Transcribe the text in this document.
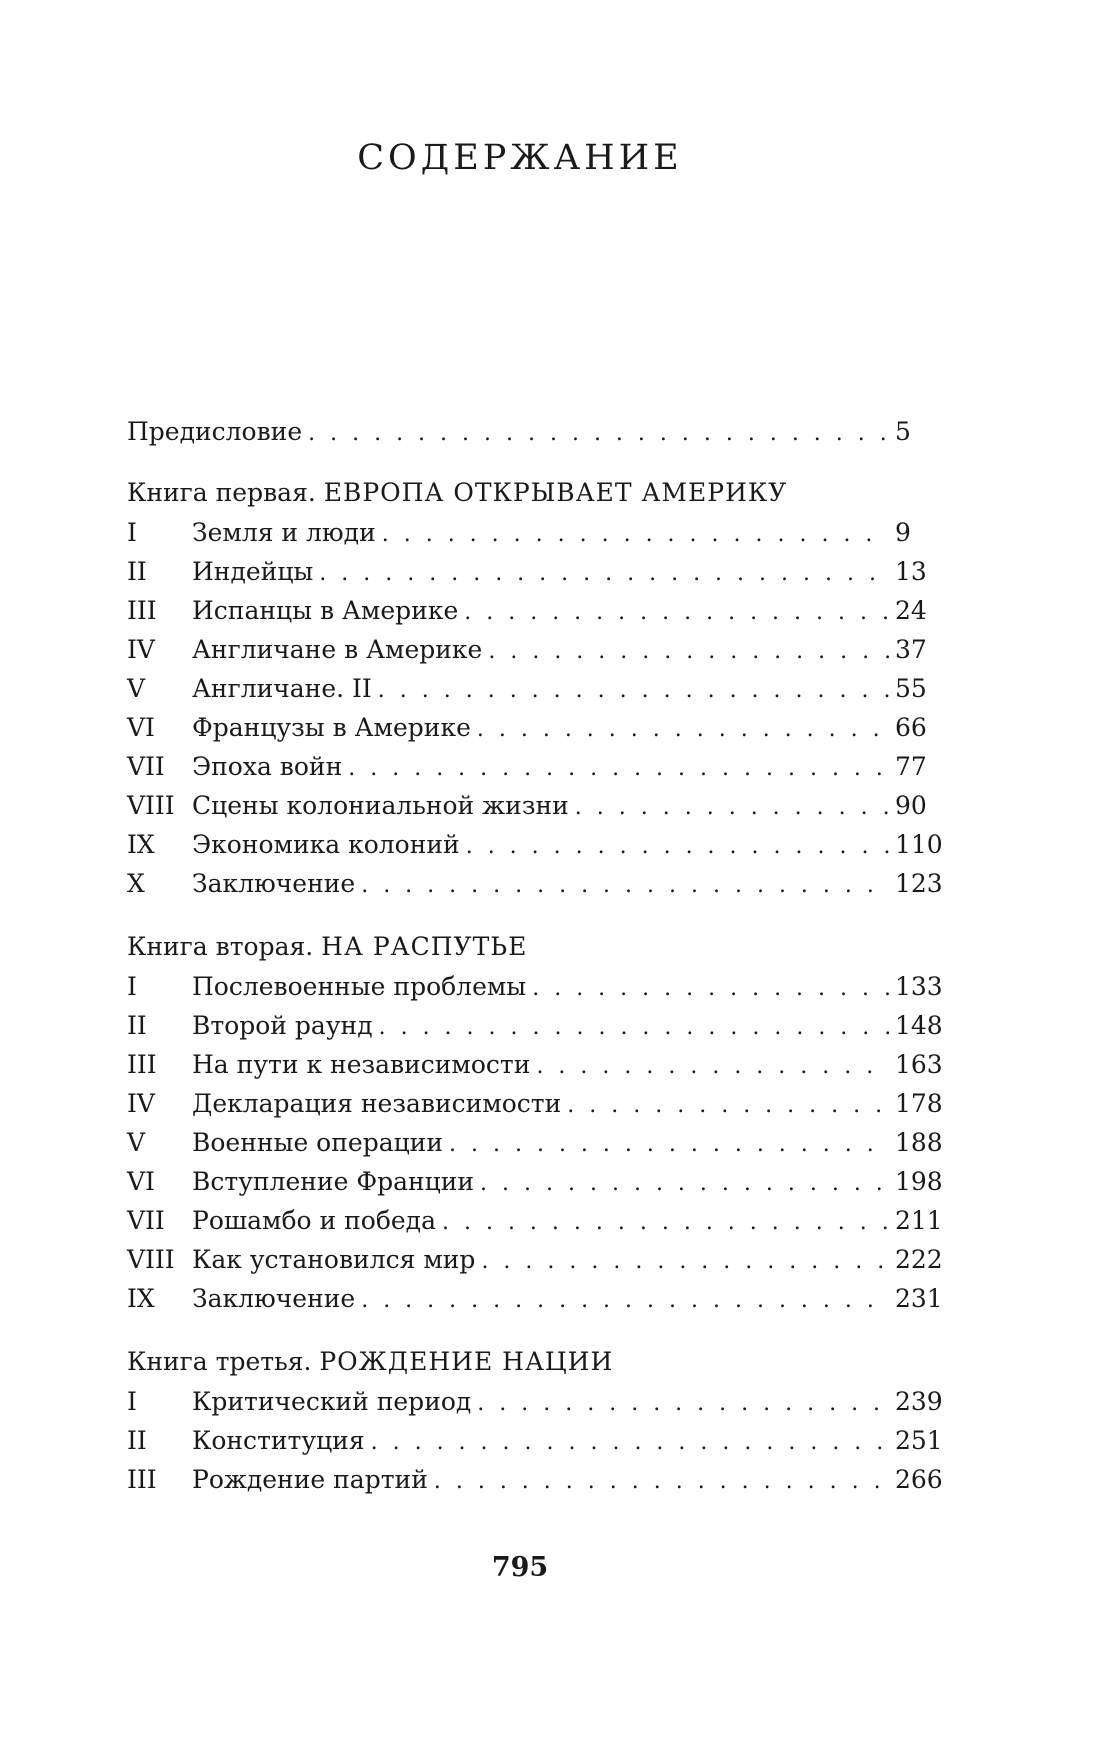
СОДЕРЖАНИЕ
Предисловие . . .	5
Книга первая. ЕВРОПА ОТКРЫВАЕТ АМЕРИКУ
I	Земля и люди . . .	9
II	Индейцы . . .	13
III	Испанцы в Америке . . .	24
IV	Англичане в Америке . . .	37
V	Англичане. II . . .	55
VI	Французы в Америке . . .	66
VII	Эпоха войн . . .	77
VIII Сцены колониальной жизни . . .	90
IX	Экономика колоний . . .	110
X	Заключение . . .	123
Книга вторая. НА РАСПУТЬЕ
I	Послевоенные проблемы . . .	133
II	Второй раунд . . .	148
III	На пути к независимости . . .	163
IV	Декларация независимости . . .	178
V	Военные операции . . .	188
VI	Вступление Франции . . .	198
VII	Рошамбо и победа . . .	211
VIII Как установился мир . . .	222
IX	Заключение . . .	231
Книга третья. РОЖДЕНИЕ НАЦИИ
I	Критический период . . .	239
II	Конституция . . .	251
III	Рождение партий . . .	266
795
